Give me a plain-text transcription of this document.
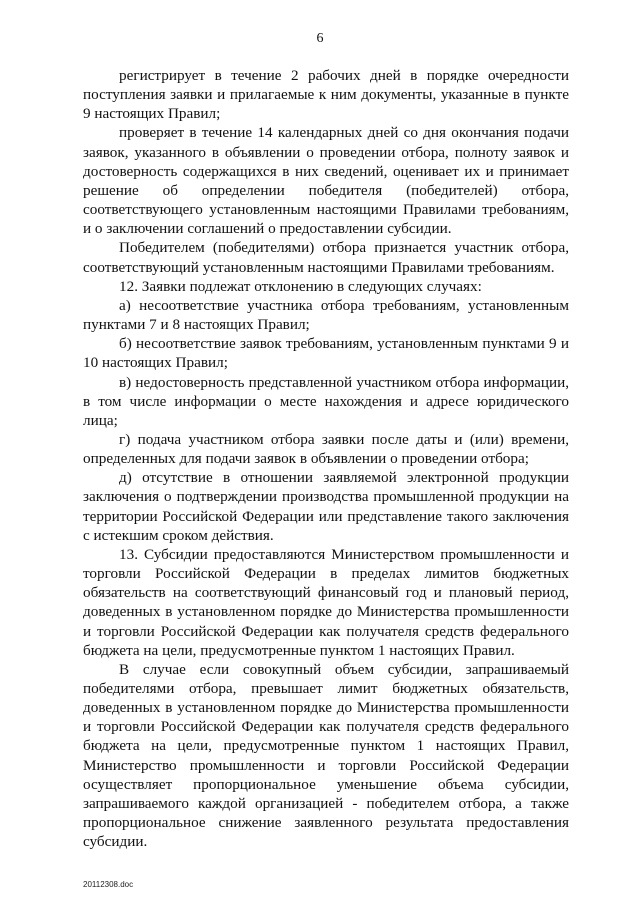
6

регистрирует в течение 2 рабочих дней в порядке очередности поступления заявки и прилагаемые к ним документы, указанные в пункте 9 настоящих Правил;

проверяет в течение 14 календарных дней со дня окончания подачи заявок, указанного в объявлении о проведении отбора, полноту заявок и достоверность содержащихся в них сведений, оценивает их и принимает решение об определении победителя (победителей) отбора, соответствующего установленным настоящими Правилами требованиям, и о заключении соглашений о предоставлении субсидии.

Победителем (победителями) отбора признается участник отбора, соответствующий установленным настоящими Правилами требованиям.

12. Заявки подлежат отклонению в следующих случаях:

а) несоответствие участника отбора требованиям, установленным пунктами 7 и 8 настоящих Правил;

б) несоответствие заявок требованиям, установленным пунктами 9 и 10 настоящих Правил;

в) недостоверность представленной участником отбора информации, в том числе информации о месте нахождения и адресе юридического лица;

г) подача участником отбора заявки после даты и (или) времени, определенных для подачи заявок в объявлении о проведении отбора;

д) отсутствие в отношении заявляемой электронной продукции заключения о подтверждении производства промышленной продукции на территории Российской Федерации или представление такого заключения с истекшим сроком действия.

13. Субсидии предоставляются Министерством промышленности и торговли Российской Федерации в пределах лимитов бюджетных обязательств на соответствующий финансовый год и плановый период, доведенных в установленном порядке до Министерства промышленности и торговли Российской Федерации как получателя средств федерального бюджета на цели, предусмотренные пунктом 1 настоящих Правил.

В случае если совокупный объем субсидии, запрашиваемый победителями отбора, превышает лимит бюджетных обязательств, доведенных в установленном порядке до Министерства промышленности и торговли Российской Федерации как получателя средств федерального бюджета на цели, предусмотренные пунктом 1 настоящих Правил, Министерство промышленности и торговли Российской Федерации осуществляет пропорциональное уменьшение объема субсидии, запрашиваемого каждой организацией - победителем отбора, а также пропорциональное снижение заявленного результата предоставления субсидии.

20112308.doc
